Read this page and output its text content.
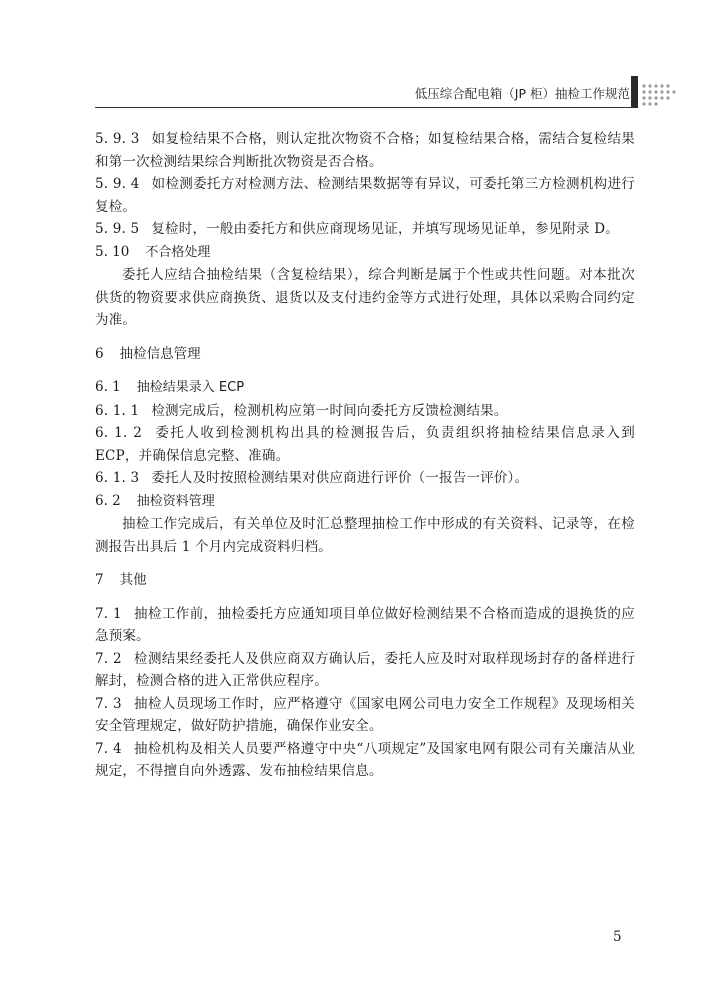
低压综合配电箱（JP 柜）抽检工作规范

5. 9. 3 如复检结果不合格，则认定批次物资不合格；如复检结果合格，需结合复检结果和第一次检测结果综合判断批次物资是否合格。

5. 9. 4 如检测委托方对检测方法、检测结果数据等有异议，可委托第三方检测机构进行复检。

5. 9. 5 复检时，一般由委托方和供应商现场见证，并填写现场见证单，参见附录 D。

5. 10 不合格处理

委托人应结合抽检结果（含复检结果），综合判断是属于个性或共性问题。对本批次供货的物资要求供应商换货、退货以及支付违约金等方式进行处理，具体以采购合同约定为准。

6 抽检信息管理

6. 1 抽检结果录入 ECP

6. 1. 1 检测完成后，检测机构应第一时间向委托方反馈检测结果。

6. 1. 2 委托人收到检测机构出具的检测报告后，负责组织将抽检结果信息录入到 ECP，并确保信息完整、准确。

6. 1. 3 委托人及时按照检测结果对供应商进行评价（一报告一评价）。

6. 2 抽检资料管理

抽检工作完成后，有关单位及时汇总整理抽检工作中形成的有关资料、记录等，在检测报告出具后 1 个月内完成资料归档。

7 其他

7. 1 抽检工作前，抽检委托方应通知项目单位做好检测结果不合格而造成的退换货的应急预案。

7. 2 检测结果经委托人及供应商双方确认后，委托人应及时对取样现场封存的备样进行解封，检测合格的进入正常供应程序。

7. 3 抽检人员现场工作时，应严格遵守《国家电网公司电力安全工作规程》及现场相关安全管理规定，做好防护措施，确保作业安全。

7. 4 抽检机构及相关人员要严格遵守中央“八项规定”及国家电网有限公司有关廉洁从业规定，不得擅自向外透露、发布抽检结果信息。

5
